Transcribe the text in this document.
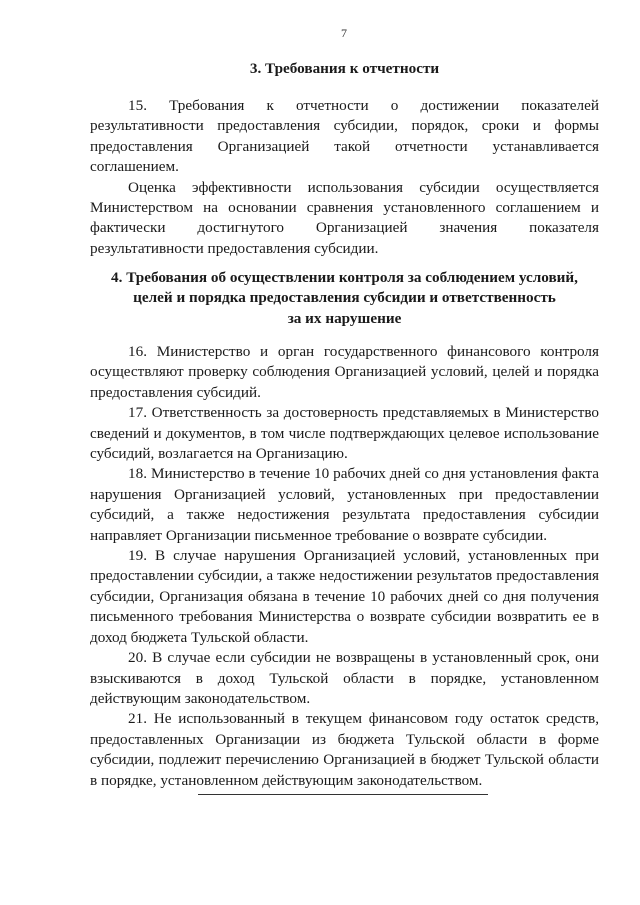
7
3. Требования к отчетности

15. Требования к отчетности о достижении показателей результативности предоставления субсидии, порядок, сроки и формы предоставления Организацией такой отчетности устанавливается соглашением.

Оценка эффективности использования субсидии осуществляется Министерством на основании сравнения установленного соглашением и фактически достигнутого Организацией значения показателя результативности предоставления субсидии.

4. Требования об осуществлении контроля за соблюдением условий,
целей и порядка предоставления субсидии и ответственность
за их нарушение

16. Министерство и орган государственного финансового контроля осуществляют проверку соблюдения Организацией условий, целей и порядка предоставления субсидий.

17. Ответственность за достоверность представляемых в Министерство сведений и документов, в том числе подтверждающих целевое использование субсидий, возлагается на Организацию.

18. Министерство в течение 10 рабочих дней со дня установления факта нарушения Организацией условий, установленных при предоставлении субсидий, а также недостижения результата предоставления субсидии направляет Организации письменное требование о возврате субсидии.

19. В случае нарушения Организацией условий, установленных при предоставлении субсидии, а также недостижении результатов предоставления субсидии, Организация обязана в течение 10 рабочих дней со дня получения письменного требования Министерства о возврате субсидии возвратить ее в доход бюджета Тульской области.

20. В случае если субсидии не возвращены в установленный срок, они взыскиваются в доход Тульской области в порядке, установленном действующим законодательством.

21. Не использованный в текущем финансовом году остаток средств, предоставленных Организации из бюджета Тульской области в форме субсидии, подлежит перечислению Организацией в бюджет Тульской области в порядке, установленном действующим законодательством.
